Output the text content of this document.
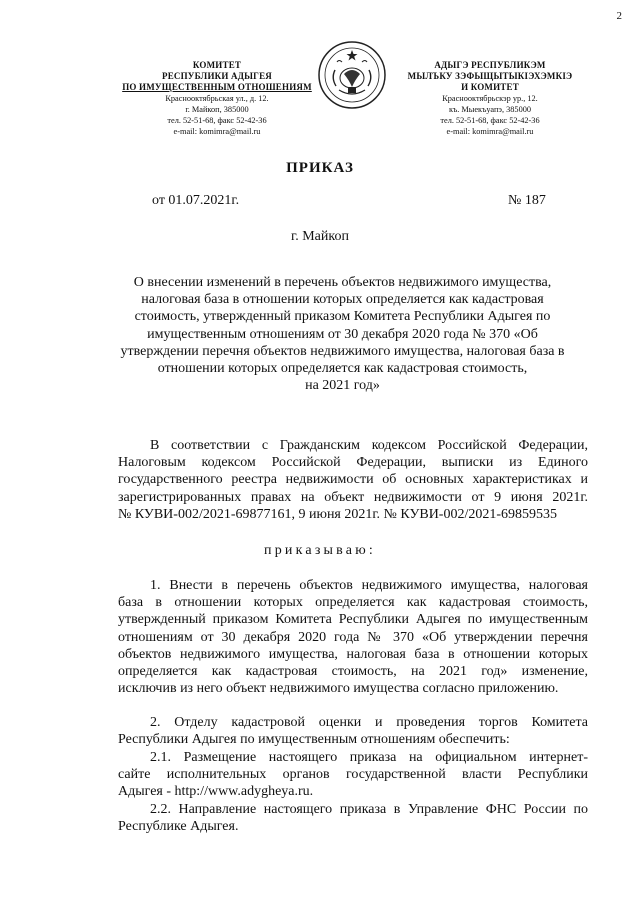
2
КОМИТЕТ
РЕСПУБЛИКИ АДЫГЕЯ
ПО ИМУЩЕСТВЕННЫМ ОТНОШЕНИЯМ
Краснооктябрьская ул., д. 12.
г. Майкоп, 385000
тел. 52-51-68, факс 52-42-36
e-mail: komimra@mail.ru
АДЫГЭ РЕСПУБЛИКЭМ
МЫЛЪКУ ЗЭФЫЩЫТЫКІЭХЭМКІЭ
И КОМИТЕТ
Краснооктябрьскэр ур., 12.
къ. Мыекъуапэ, 385000
тел. 52-51-68, факс 52-42-36
e-mail: komimra@mail.ru
ПРИКАЗ
от 01.07.2021г.	№ 187
г. Майкоп
О внесении изменений в перечень объектов недвижимого имущества,
налоговая база в отношении которых определяется как кадастровая
стоимость, утвержденный приказом Комитета Республики Адыгея по
имущественным отношениям от 30 декабря 2020 года № 370 «Об
утверждении перечня объектов недвижимого имущества, налоговая база в
отношении которых определяется как кадастровая стоимость,
на 2021 год»
В соответствии с Гражданским кодексом Российской Федерации,
Налоговым кодексом Российской Федерации, выписки из Единого
государственного реестра недвижимости об основных характеристиках и
зарегистрированных правах на объект недвижимости от 9 июня 2021г.
№ КУВИ-002/2021-69877161, 9 июня 2021г. № КУВИ-002/2021-69859535
приказываю:
1. Внести в перечень объектов недвижимого имущества, налоговая
база в отношении которых определяется как кадастровая стоимость,
утвержденный приказом Комитета Республики Адыгея по имущественным
отношениям от 30 декабря 2020 года № 370 «Об утверждении перечня
объектов недвижимого имущества, налоговая база в отношении которых
определяется как кадастровая стоимость, на 2021 год» изменение,
исключив из него объект недвижимого имущества согласно приложению.
2. Отделу кадастровой оценки и проведения торгов Комитета
Республики Адыгея по имущественным отношениям обеспечить:
2.1. Размещение настоящего приказа на официальном интернет-
сайте исполнительных органов государственной власти Республики
Адыгея - http://www.adygheya.ru.
2.2. Направление настоящего приказа в Управление ФНС России по
Республике Адыгея.
